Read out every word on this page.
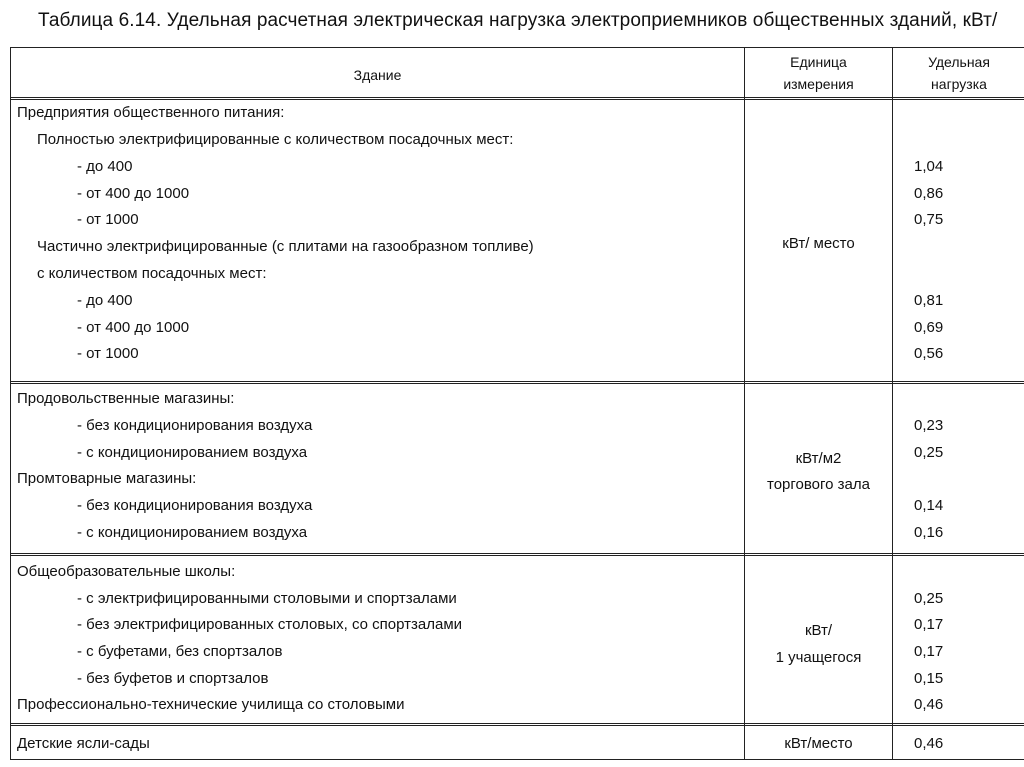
Таблица 6.14. Удельная расчетная электрическая нагрузка электроприемников общественных зданий, кВт/
Здание
Единица
измерения
Удельная
нагрузка
Предприятия общественного питания:
Полностью электрифицированные с количеством посадочных мест:
- до 400
- от 400 до 1000
- от 1000
Частично электрифицированные (с плитами на газообразном топливе)
с количеством посадочных мест:
- до 400
- от 400 до 1000
- от 1000
кВт/ место
1,04
0,86
0,75
0,81
0,69
0,56
Продовольственные магазины:
- без кондиционирования воздуха
- с кондиционированием воздуха
Промтоварные магазины:
- без кондиционирования воздуха
- с кондиционированием воздуха
кВт/м2
торгового зала
0,23
0,25
0,14
0,16
Общеобразовательные школы:
- с электрифицированными столовыми и спортзалами
- без электрифицированных столовых, со спортзалами
- с буфетами, без спортзалов
- без буфетов и спортзалов
Профессионально-технические училища со столовыми
кВт/
1 учащегося
0,25
0,17
0,17
0,15
0,46
Детские ясли-сады	кВт/место	0,46
